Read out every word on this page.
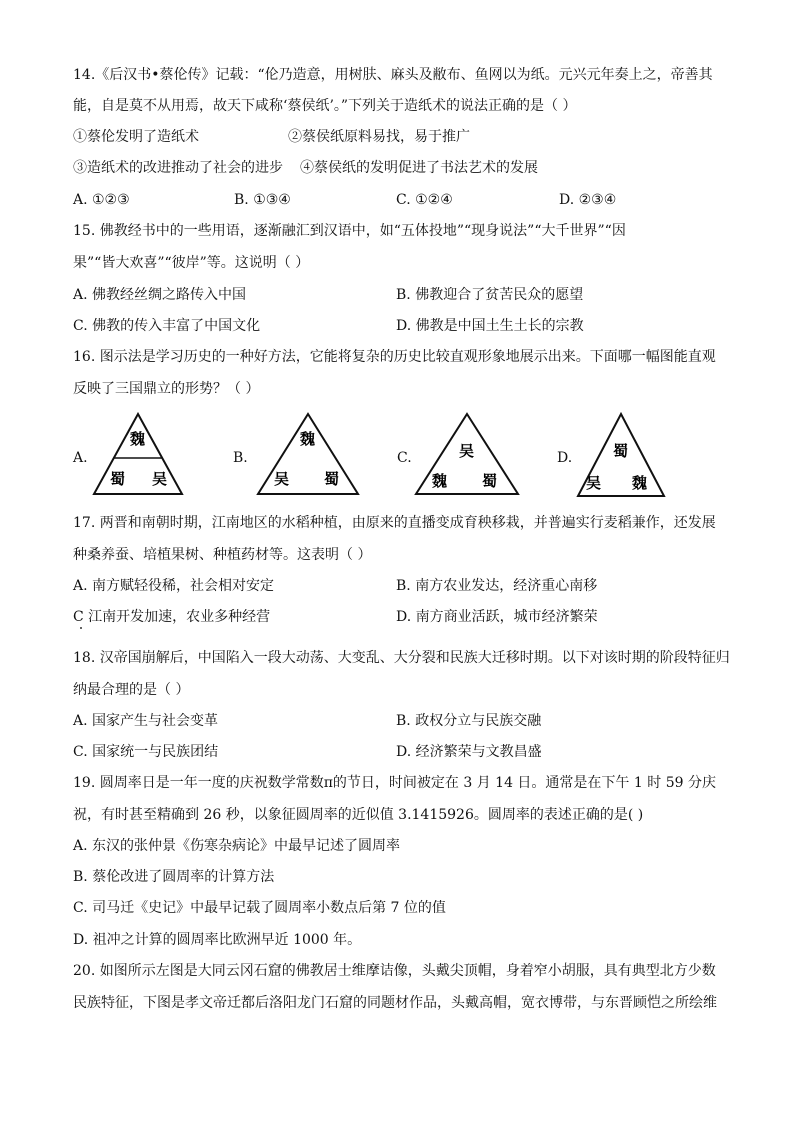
14.《后汉书•蔡伦传》记载：“伦乃造意，用树肤、麻头及敝布、鱼网以为纸。元兴元年奏上之，帝善其
能，自是莫不从用焉，故天下咸称‘蔡侯纸’。”下列关于造纸术的说法正确的是（ ）
①蔡伦发明了造纸术	②蔡侯纸原料易找，易于推广
③造纸术的改进推动了社会的进步 ④蔡侯纸的发明促进了书法艺术的发展
A. ①②③	B. ①③④	C. ①②④	D. ②③④
15. 佛教经书中的一些用语，逐渐融汇到汉语中，如“五体投地”“现身说法”“大千世界”“因
果”“皆大欢喜”“彼岸”等。这说明（ ）
A. 佛教经丝绸之路传入中国	B. 佛教迎合了贫苦民众的愿望
C. 佛教的传入丰富了中国文化	D. 佛教是中国土生土长的宗教
16. 图示法是学习历史的一种好方法，它能将复杂的历史比较直观形象地展示出来。下面哪一幅图能直观
反映了三国鼎立的形势？（ ）
A.
魏
蜀 吴
B.
魏
吴 蜀
C.	吴
魏 蜀
D.	蜀
吴 魏
17. 两晋和南朝时期，江南地区的水稻种植，由原来的直播变成育秧移栽，并普遍实行麦稻兼作，还发展
种桑养蚕、培植果树、种植药材等。这表明（ ）
A. 南方赋轻役稀，社会相对安定	B. 南方农业发达，经济重心南移
C 江南开发加速，农业多种经营	D. 南方商业活跃，城市经济繁荣
18. 汉帝国崩解后，中国陷入一段大动荡、大变乱、大分裂和民族大迁移时期。以下对该时期的阶段特征归
纳最合理的是（ ）
A. 国家产生与社会变革	B. 政权分立与民族交融
C. 国家统一与民族团结	D. 经济繁荣与文教昌盛
19. 圆周率日是一年一度的庆祝数学常数π的节日，时间被定在 3 月 14 日。通常是在下午 1 时 59 分庆
祝，有时甚至精确到 26 秒，以象征圆周率的近似值 3.1415926。圆周率的表述正确的是( )
A. 东汉的张仲景《伤寒杂病论》中最早记述了圆周率
B. 蔡伦改进了圆周率的计算方法
C. 司马迁《史记》中最早记载了圆周率小数点后第 7 位的值
D. 祖冲之计算的圆周率比欧洲早近 1000 年。
20. 如图所示左图是大同云冈石窟的佛教居士维摩诘像，头戴尖顶帽，身着窄小胡服，具有典型北方少数
民族特征，下图是孝文帝迁都后洛阳龙门石窟的同题材作品，头戴高帽，宽衣博带，与东晋顾恺之所绘维
